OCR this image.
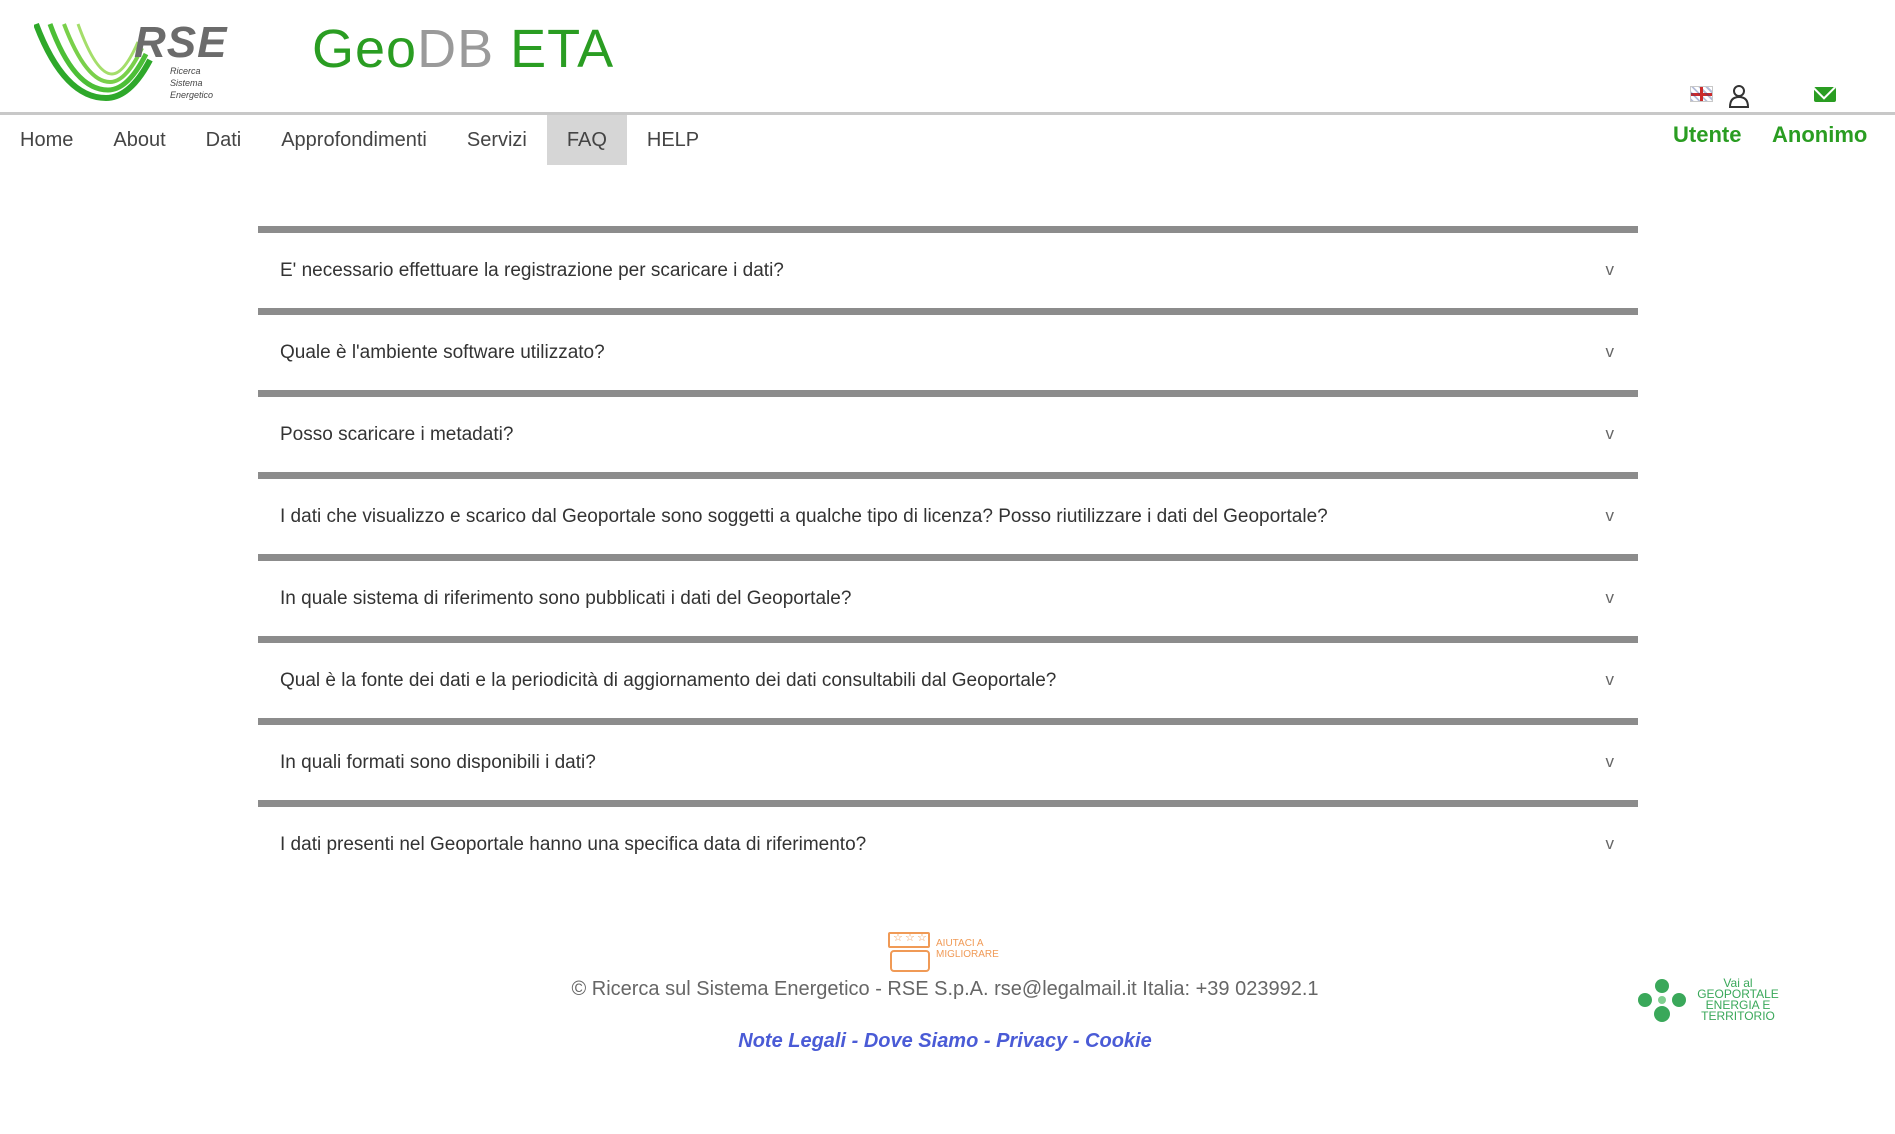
RSE
Ricerca
Sistema
Energetico
GeoDB ETA
Utente Anonimo
Home	About	Dati	Approfondimenti	Servizi	FAQ	HELP
E' necessario effettuare la registrazione per scaricare i dati?	v
Quale è l'ambiente software utilizzato?	v
Posso scaricare i metadati?	v
I dati che visualizzo e scarico dal Geoportale sono soggetti a qualche tipo di licenza? Posso riutilizzare i dati del Geoportale?	v
In quale sistema di riferimento sono pubblicati i dati del Geoportale?	v
Qual è la fonte dei dati e la periodicità di aggiornamento dei dati consultabili dal Geoportale?	v
In quali formati sono disponibili i dati?	v
I dati presenti nel Geoportale hanno una specifica data di riferimento?	v
☆ ☆ ☆ AIUTACI A
MIGLIORARE
© Ricerca sul Sistema Energetico - RSE S.p.A. rse@legalmail.it Italia: +39 023992.1
Note Legali - Dove Siamo - Privacy - Cookie
Vai al
GEOPORTALE
ENERGIA E
TERRITORIO
